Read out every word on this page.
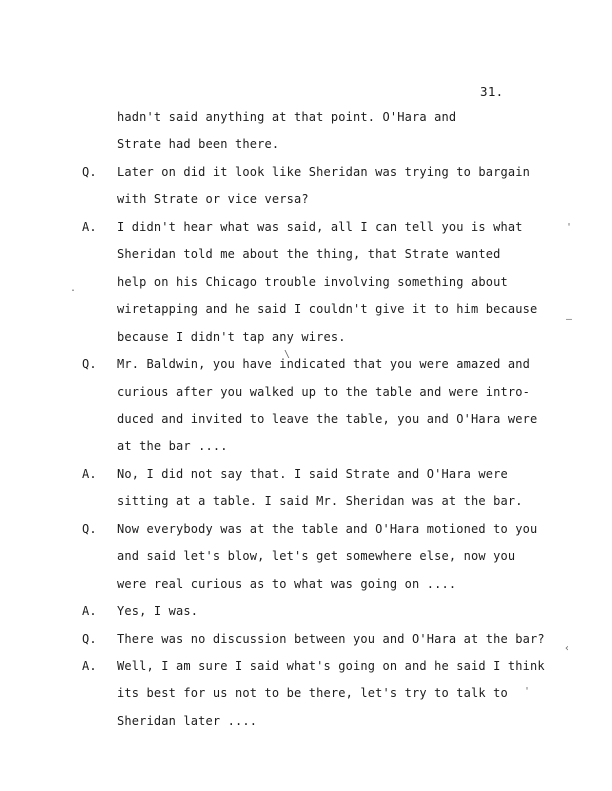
31.
hadn't said anything at that point. O'Hara and
Strate had been there.
Q. Later on did it look like Sheridan was trying to bargain
with Strate or vice versa?
A. I didn't hear what was said, all I can tell you is what
Sheridan told me about the thing, that Strate wanted
help on his Chicago trouble involving something about
wiretapping and he said I couldn't give it to him because
because I didn't tap any wires.
Q. Mr. Baldwin, you have indicated that you were amazed and
curious after you walked up to the table and were intro-
duced and invited to leave the table, you and O'Hara were
at the bar ....
A. No, I did not say that. I said Strate and O'Hara were
sitting at a table. I said Mr. Sheridan was at the bar.
Q. Now everybody was at the table and O'Hara motioned to you
and said let's blow, let's get somewhere else, now you
were real curious as to what was going on ....
A. Yes, I was.
Q. There was no discussion between you and O'Hara at the bar?
A. Well, I am sure I said what's going on and he said I think
its best for us not to be there, let's try to talk to
Sheridan later ....
'
.
—
\
‹
'
